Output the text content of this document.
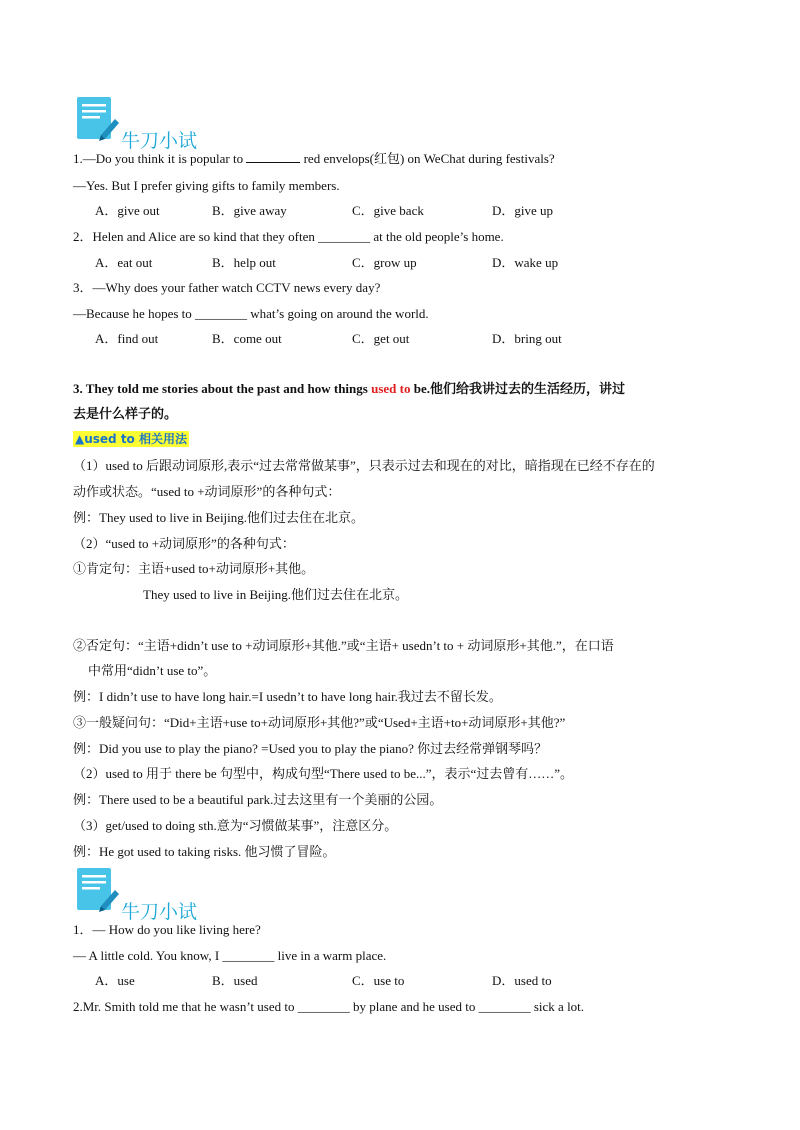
牛刀小试
1.—Do you think it is popular to	red envelops(红包) on WeChat during festivals?
—Yes. But I prefer giving gifts to family members.
A．give out	B．give away	C．give back	D．give up
2．Helen and Alice are so kind that they often ________ at the old people’s home.
A．eat out	B．help out	C．grow up	D．wake up
3．—Why does your father watch CCTV news every day?
—Because he hopes to ________ what’s going on around the world.
A．find out	B．come out	C．get out	D．bring out
3. They told me stories about the past and how things used to be.他们给我讲过去的生活经历，讲过
去是什么样子的。
▲used to 相关用法
（1）used to 后跟动词原形,表示“过去常常做某事”，只表示过去和现在的对比，暗指现在已经不存在的
动作或状态。“used to +动词原形”的各种句式：
例：They used to live in Beijing.他们过去住在北京。
（2）“used to +动词原形”的各种句式：
①肯定句：主语+used to+动词原形+其他。
They used to live in Beijing.他们过去住在北京。
②否定句：“主语+didn’t use to +动词原形+其他.”或“主语+ usedn’t to + 动词原形+其他.”，在口语
中常用“didn’t use to”。
例：I didn’t use to have long hair.=I usedn’t to have long hair.我过去不留长发。
③一般疑问句：“Did+主语+use to+动词原形+其他?”或“Used+主语+to+动词原形+其他?”
例：Did you use to play the piano? =Used you to play the piano? 你过去经常弹钢琴吗？
（2）used to 用于 there be 句型中，构成句型“There used to be...”，表示“过去曾有……”。
例：There used to be a beautiful park.过去这里有一个美丽的公园。
（3）get/used to doing sth.意为“习惯做某事”，注意区分。
例：He got used to taking risks. 他习惯了冒险。
牛刀小试
1．— How do you like living here?
— A little cold. You know, I ________ live in a warm place.
A．use	B．used	C．use to	D．used to
2.Mr. Smith told me that he wasn’t used to ________ by plane and he used to ________ sick a lot.
